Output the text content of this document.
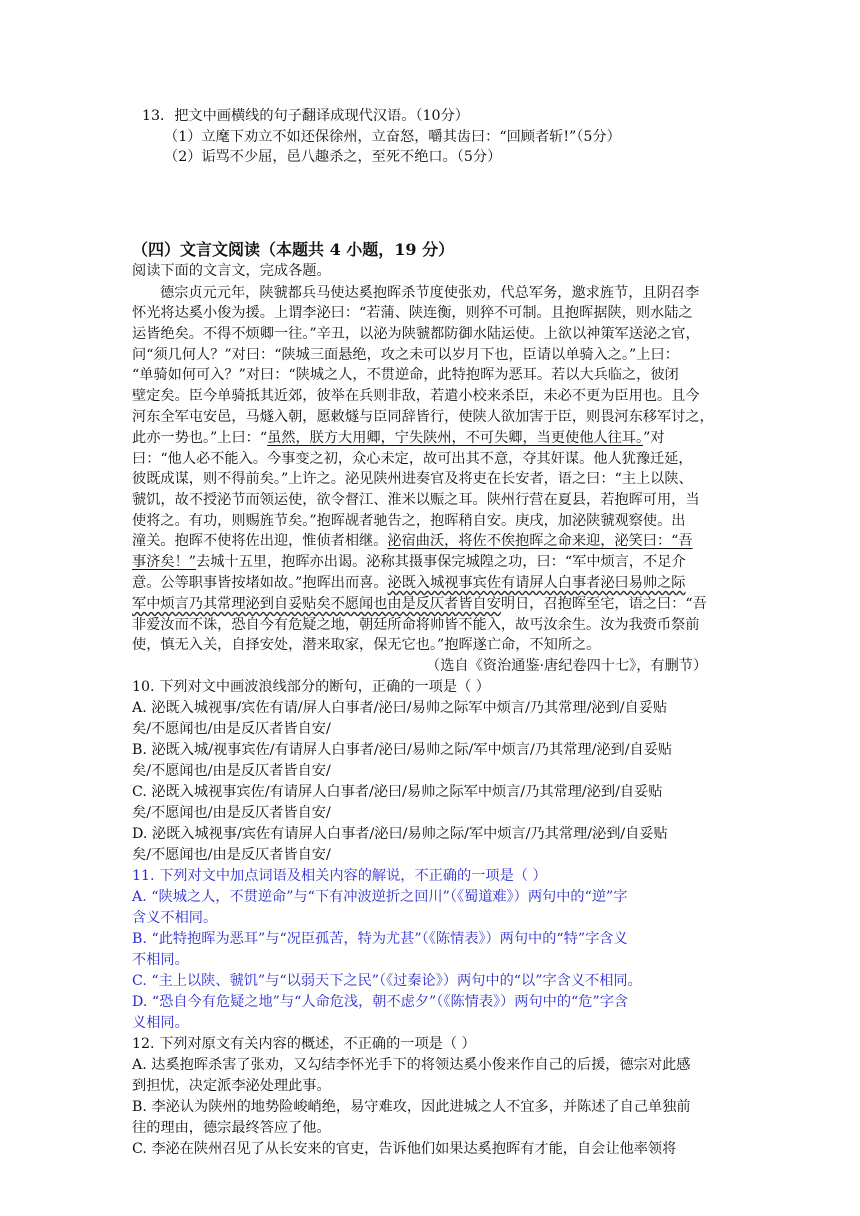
13．把文中画横线的句子翻译成现代汉语。（10分）
（1）立麾下劝立不如还保徐州，立奋怒，嚼其齿曰：“回顾者斩!”（5分）
（2）诟骂不少屈，邑八趣杀之，至死不绝口。（5分）
（四）文言文阅读（本题共 4 小题，19 分）
阅读下面的文言文，完成各题。
德宗贞元元年，陕虢都兵马使达奚抱晖杀节度使张劝，代总军务，邀求旌节，且阴召李
怀光将达奚小俊为援。上谓李泌曰：“若蒲、陕连衡，则猝不可制。且抱晖据陕，则水陆之
运皆绝矣。不得不烦卿一往。”辛丑，以泌为陕虢都防御水陆运使。上欲以神策军送泌之官，
问“须几何人？”对曰：“陕城三面悬绝，攻之未可以岁月下也，臣请以单骑入之。”上曰：
“单骑如何可入？”对曰：“陕城之人，不贯逆命，此特抱晖为恶耳。若以大兵临之，彼闭
壁定矣。臣今单骑抵其近郊，彼举在兵则非敌，若遣小校来杀臣，未必不更为臣用也。且今
河东全军屯安邑，马燧入朝，愿敕燧与臣同辞皆行，使陕人欲加害于臣，则畏河东移军讨之，
此亦一势也。”上曰：“虽然，朕方大用卿，宁失陕州，不可失卿，当更使他人往耳。”对
曰：“他人必不能入。今事变之初，众心未定，故可出其不意，夺其奸谋。他人犹豫迁延，
彼既成谋，则不得前矣。”上许之。泌见陕州进奏官及将吏在长安者，语之曰：“主上以陕、
虢饥，故不授泌节而领运使，欲令督江、淮米以赈之耳。陕州行营在夏县，若抱晖可用，当
使将之。有功，则赐旌节矣。”抱晖觇者驰告之，抱晖稍自安。庚戌，加泌陕虢观察使。出
潼关。抱晖不使将佐出迎，惟侦者相继。泌宿曲沃，将佐不俟抱晖之命来迎，泌笑曰：“吾
事济矣！”去城十五里，抱晖亦出谒。泌称其摄事保完城隍之功，曰：“军中烦言，不足介
意。公等职事皆按堵如故。”抱晖出而喜。泌既入城视事宾佐有请屏人白事者泌曰易帅之际
军中烦言乃其常理泌到自妥贴矣不愿闻也由是反仄者皆自安明日，召抱晖至宅，语之曰：“吾
非爱汝而不诛，恐自今有危疑之地，朝廷所命将帅皆不能入，故丐汝余生。汝为我赍币祭前
使，慎无入关，自择安处，潜来取家，保无它也。”抱晖遂亡命，不知所之。
（选自《资治通鉴·唐纪卷四十七》，有删节）
10. 下列对文中画波浪线部分的断句，正确的一项是（ ）
A. 泌既入城视事/宾佐有请/屏人白事者/泌曰/易帅之际军中烦言/乃其常理/泌到/自妥贴
矣/不愿闻也/由是反仄者皆自安/
B. 泌既入城/视事宾佐/有请屏人白事者/泌曰/易帅之际/军中烦言/乃其常理/泌到/自妥贴
矣/不愿闻也/由是反仄者皆自安/
C. 泌既入城视事宾佐/有请屏人白事者/泌曰/易帅之际军中烦言/乃其常理/泌到/自妥贴
矣/不愿闻也/由是反仄者皆自安/
D. 泌既入城视事/宾佐有请屏人白事者/泌曰/易帅之际/军中烦言/乃其常理/泌到/自妥贴
矣/不愿闻也/由是反仄者皆自安/
11. 下列对文中加点词语及相关内容的解说，不正确的一项是（ ）
A. “陕城之人，不贯逆命”与“下有冲波逆折之回川”（《蜀道难》）两句中的“逆”字
含义不相同。
B. “此特抱晖为恶耳”与“况臣孤苦，特为尤甚”（《陈情表》）两句中的“特”字含义
不相同。
C. “主上以陕、虢饥”与“以弱天下之民”（《过秦论》）两句中的“以”字含义不相同。
D. “恐自今有危疑之地”与“人命危浅，朝不虑夕”（《陈情表》）两句中的“危”字含
义相同。
12. 下列对原文有关内容的概述，不正确的一项是（ ）
A. 达奚抱晖杀害了张劝，又勾结李怀光手下的将领达奚小俊来作自己的后援，德宗对此感
到担忧，决定派李泌处理此事。
B. 李泌认为陕州的地势险峻峭绝，易守难攻，因此进城之人不宜多，并陈述了自己单独前
往的理由，德宗最终答应了他。
C. 李泌在陕州召见了从长安来的官吏，告诉他们如果达奚抱晖有才能，自会让他率领将
